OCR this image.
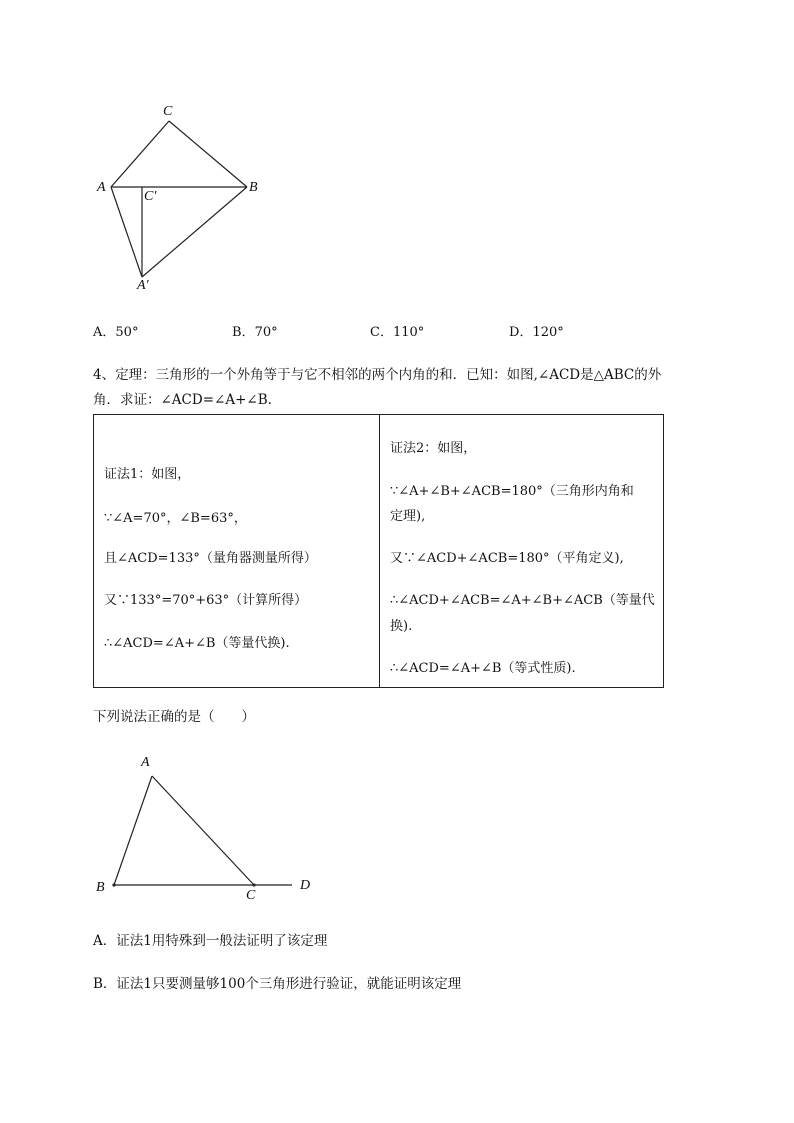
C
A	B
C′
A′
A．50°	B．70°	C．110°	D．120°
4、定理：三角形的一个外角等于与它不相邻的两个内角的和．已知：如图,∠ACD是△ABC的外
角．求证：∠ACD=∠A+∠B.
证法1：如图，
∵∠A=70°，∠B=63°，
且∠ACD=133°（量角器测量所得）
又∵133°=70°+63°（计算所得）
∴∠ACD=∠A+∠B（等量代换).

证法2：如图，
∵∠A+∠B+∠ACB=180°（三角形内角和
定理),
又∵∠ACD+∠ACB=180°（平角定义),
∴∠ACD+∠ACB=∠A+∠B+∠ACB（等量代
换).
∴∠ACD=∠A+∠B（等式性质).
下列说法正确的是（　　）
A
B
C
D
A．证法1用特殊到一般法证明了该定理
B．证法1只要测量够100个三角形进行验证，就能证明该定理
